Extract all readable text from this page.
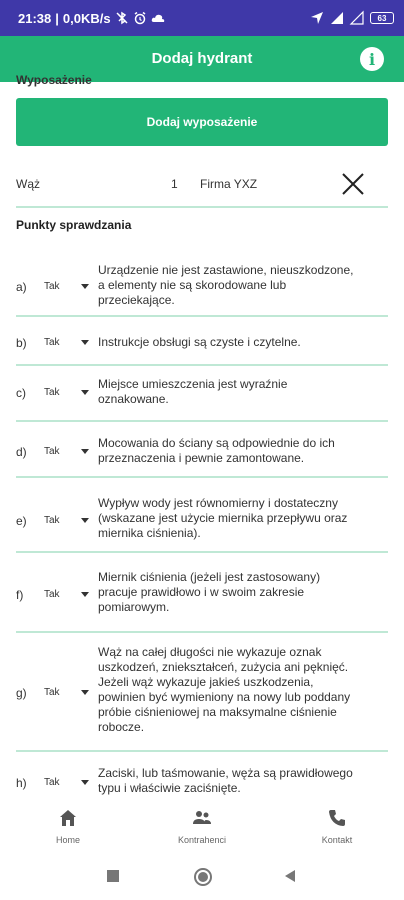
21:38 | 0,0KB/s	63
Dodaj hydrant	i
Wyposażenie
Dodaj wyposażenie
Wąż	1 Firma YXZ
Punkty sprawdzania
a) Tak
Urządzenie nie jest zastawione, nieuszkodzone,
a elementy nie są skorodowane lub
przeciekające.
b) Tak	Instrukcje obsługi są czyste i czytelne.
c) Tak
Miejsce umieszczenia jest wyraźnie
oznakowane.
d) Tak
Mocowania do ściany są odpowiednie do ich
przeznaczenia i pewnie zamontowane.
e) Tak
Wypływ wody jest równomierny i dostateczny
(wskazane jest użycie miernika przepływu oraz
miernika ciśnienia).
f) Tak
Miernik ciśnienia (jeżeli jest zastosowany)
pracuje prawidłowo i w swoim zakresie
pomiarowym.
g) Tak
Wąż na całej długości nie wykazuje oznak
uszkodzeń, zniekształceń, zużycia ani pęknięć.
Jeżeli wąż wykazuje jakieś uszkodzenia,
powinien być wymieniony na nowy lub poddany
próbie ciśnieniowej na maksymalne ciśnienie
robocze.
h) Tak
Zaciski, lub taśmowanie, węża są prawidłowego
typu i właściwie zaciśnięte.
Home	Kontrahenci	Kontakt
